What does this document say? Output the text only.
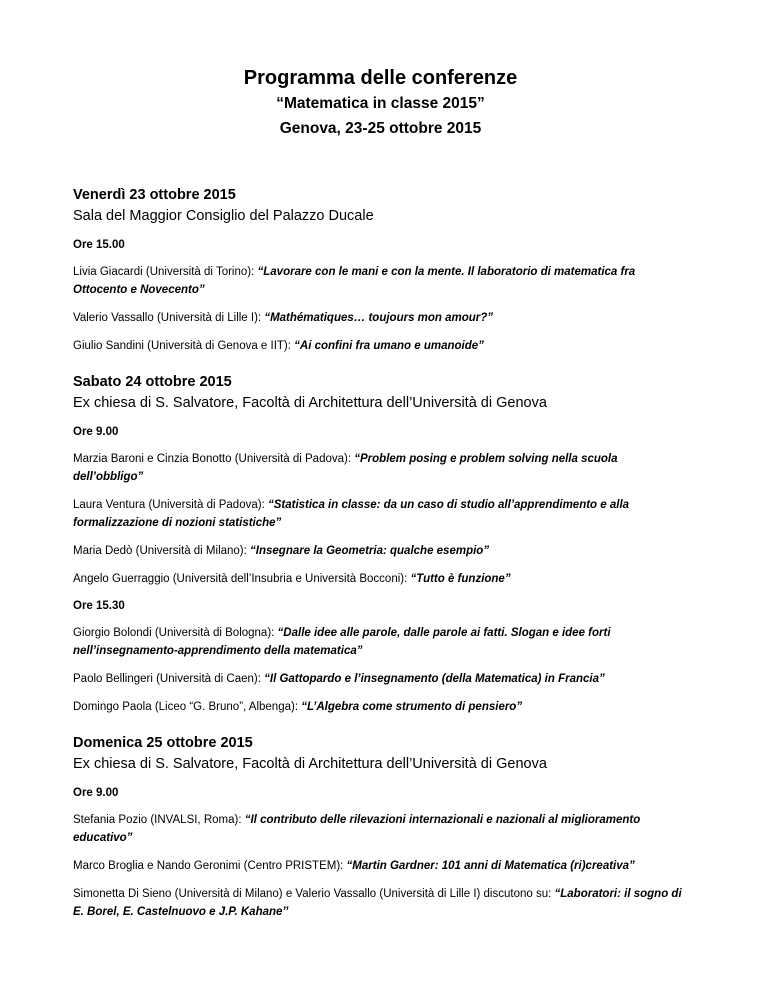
Programma delle conferenze

“Matematica in classe 2015”

Genova, 23-25 ottobre 2015

Venerdì 23 ottobre 2015

Sala del Maggior Consiglio del Palazzo Ducale

Ore 15.00

Livia Giacardi (Università di Torino): “Lavorare con le mani e con la mente. Il laboratorio di matematica fra Ottocento e Novecento”

Valerio Vassallo (Università di Lille I): “Mathématiques… toujours mon amour?”

Giulio Sandini (Università di Genova e IIT): “Ai confini fra umano e umanoide”

Sabato 24 ottobre 2015

Ex chiesa di S. Salvatore, Facoltà di Architettura dell’Università di Genova

Ore 9.00

Marzia Baroni e Cinzia Bonotto (Università di Padova): “Problem posing e problem solving nella scuola dell’obbligo”

Laura Ventura (Università di Padova): “Statistica in classe: da un caso di studio all’apprendimento e alla formalizzazione di nozioni statistiche”

Maria Dedò (Università di Milano): “Insegnare la Geometria: qualche esempio”

Angelo Guerraggio (Università dell’Insubria e Università Bocconi): “Tutto è funzione”

Ore 15.30

Giorgio Bolondi (Università di Bologna): “Dalle idee alle parole, dalle parole ai fatti. Slogan e idee forti nell’insegnamento-apprendimento della matematica”

Paolo Bellingeri (Università di Caen): “Il Gattopardo e l’insegnamento (della Matematica) in Francia”

Domingo Paola (Liceo “G. Bruno”, Albenga): “L’Algebra come strumento di pensiero”

Domenica 25 ottobre 2015

Ex chiesa di S. Salvatore, Facoltà di Architettura dell’Università di Genova

Ore 9.00

Stefania Pozio (INVALSI, Roma): “Il contributo delle rilevazioni internazionali e nazionali al miglioramento educativo”

Marco Broglia e Nando Geronimi (Centro PRISTEM): “Martin Gardner: 101 anni di Matematica (ri)creativa”

Simonetta Di Sieno (Università di Milano) e Valerio Vassallo (Università di Lille I) discutono su: “Laboratori: il sogno di E. Borel, E. Castelnuovo e J.P. Kahane’’
